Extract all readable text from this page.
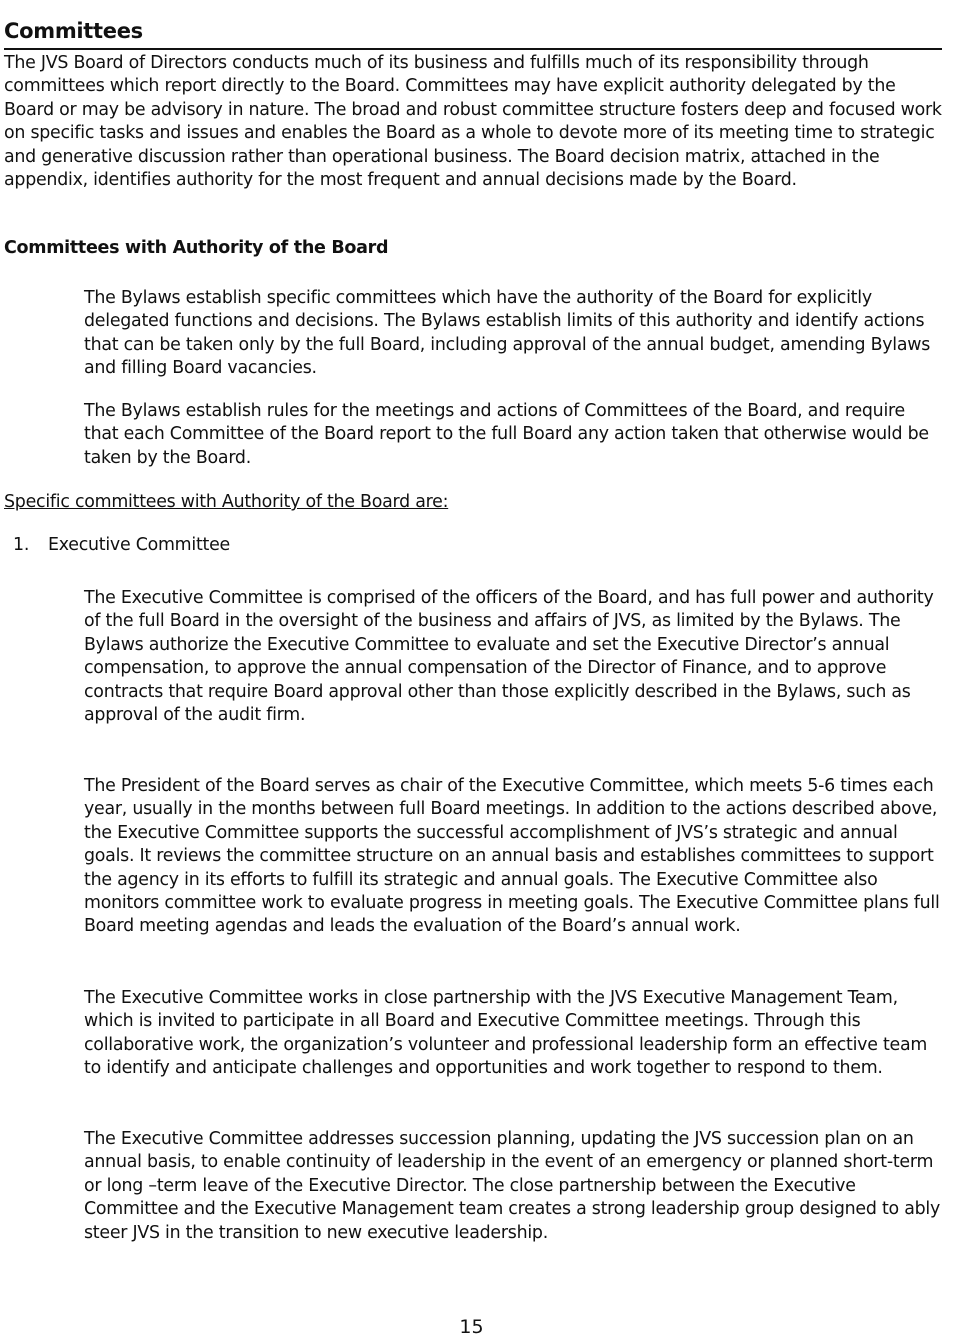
Committees

The JVS Board of Directors conducts much of its business and fulfills much of its responsibility through committees which report directly to the Board. Committees may have explicit authority delegated by the Board or may be advisory in nature. The broad and robust committee structure fosters deep and focused work on specific tasks and issues and enables the Board as a whole to devote more of its meeting time to strategic and generative discussion rather than operational business. The Board decision matrix, attached in the appendix, identifies authority for the most frequent and annual decisions made by the Board.

Committees with Authority of the Board

The Bylaws establish specific committees which have the authority of the Board for explicitly delegated functions and decisions. The Bylaws establish limits of this authority and identify actions that can be taken only by the full Board, including approval of the annual budget, amending Bylaws and filling Board vacancies.

The Bylaws establish rules for the meetings and actions of Committees of the Board, and require that each Committee of the Board report to the full Board any action taken that otherwise would be taken by the Board.

Specific committees with Authority of the Board are:

1. Executive Committee

The Executive Committee is comprised of the officers of the Board, and has full power and authority of the full Board in the oversight of the business and affairs of JVS, as limited by the Bylaws. The Bylaws authorize the Executive Committee to evaluate and set the Executive Director’s annual compensation, to approve the annual compensation of the Director of Finance, and to approve contracts that require Board approval other than those explicitly described in the Bylaws, such as approval of the audit firm.

The President of the Board serves as chair of the Executive Committee, which meets 5-6 times each year, usually in the months between full Board meetings. In addition to the actions described above, the Executive Committee supports the successful accomplishment of JVS’s strategic and annual goals. It reviews the committee structure on an annual basis and establishes committees to support the agency in its efforts to fulfill its strategic and annual goals. The Executive Committee also monitors committee work to evaluate progress in meeting goals. The Executive Committee plans full Board meeting agendas and leads the evaluation of the Board’s annual work.

The Executive Committee works in close partnership with the JVS Executive Management Team, which is invited to participate in all Board and Executive Committee meetings. Through this collaborative work, the organization’s volunteer and professional leadership form an effective team to identify and anticipate challenges and opportunities and work together to respond to them.

The Executive Committee addresses succession planning, updating the JVS succession plan on an annual basis, to enable continuity of leadership in the event of an emergency or planned short-term or long –term leave of the Executive Director. The close partnership between the Executive Committee and the Executive Management team creates a strong leadership group designed to ably steer JVS in the transition to new executive leadership.

15
